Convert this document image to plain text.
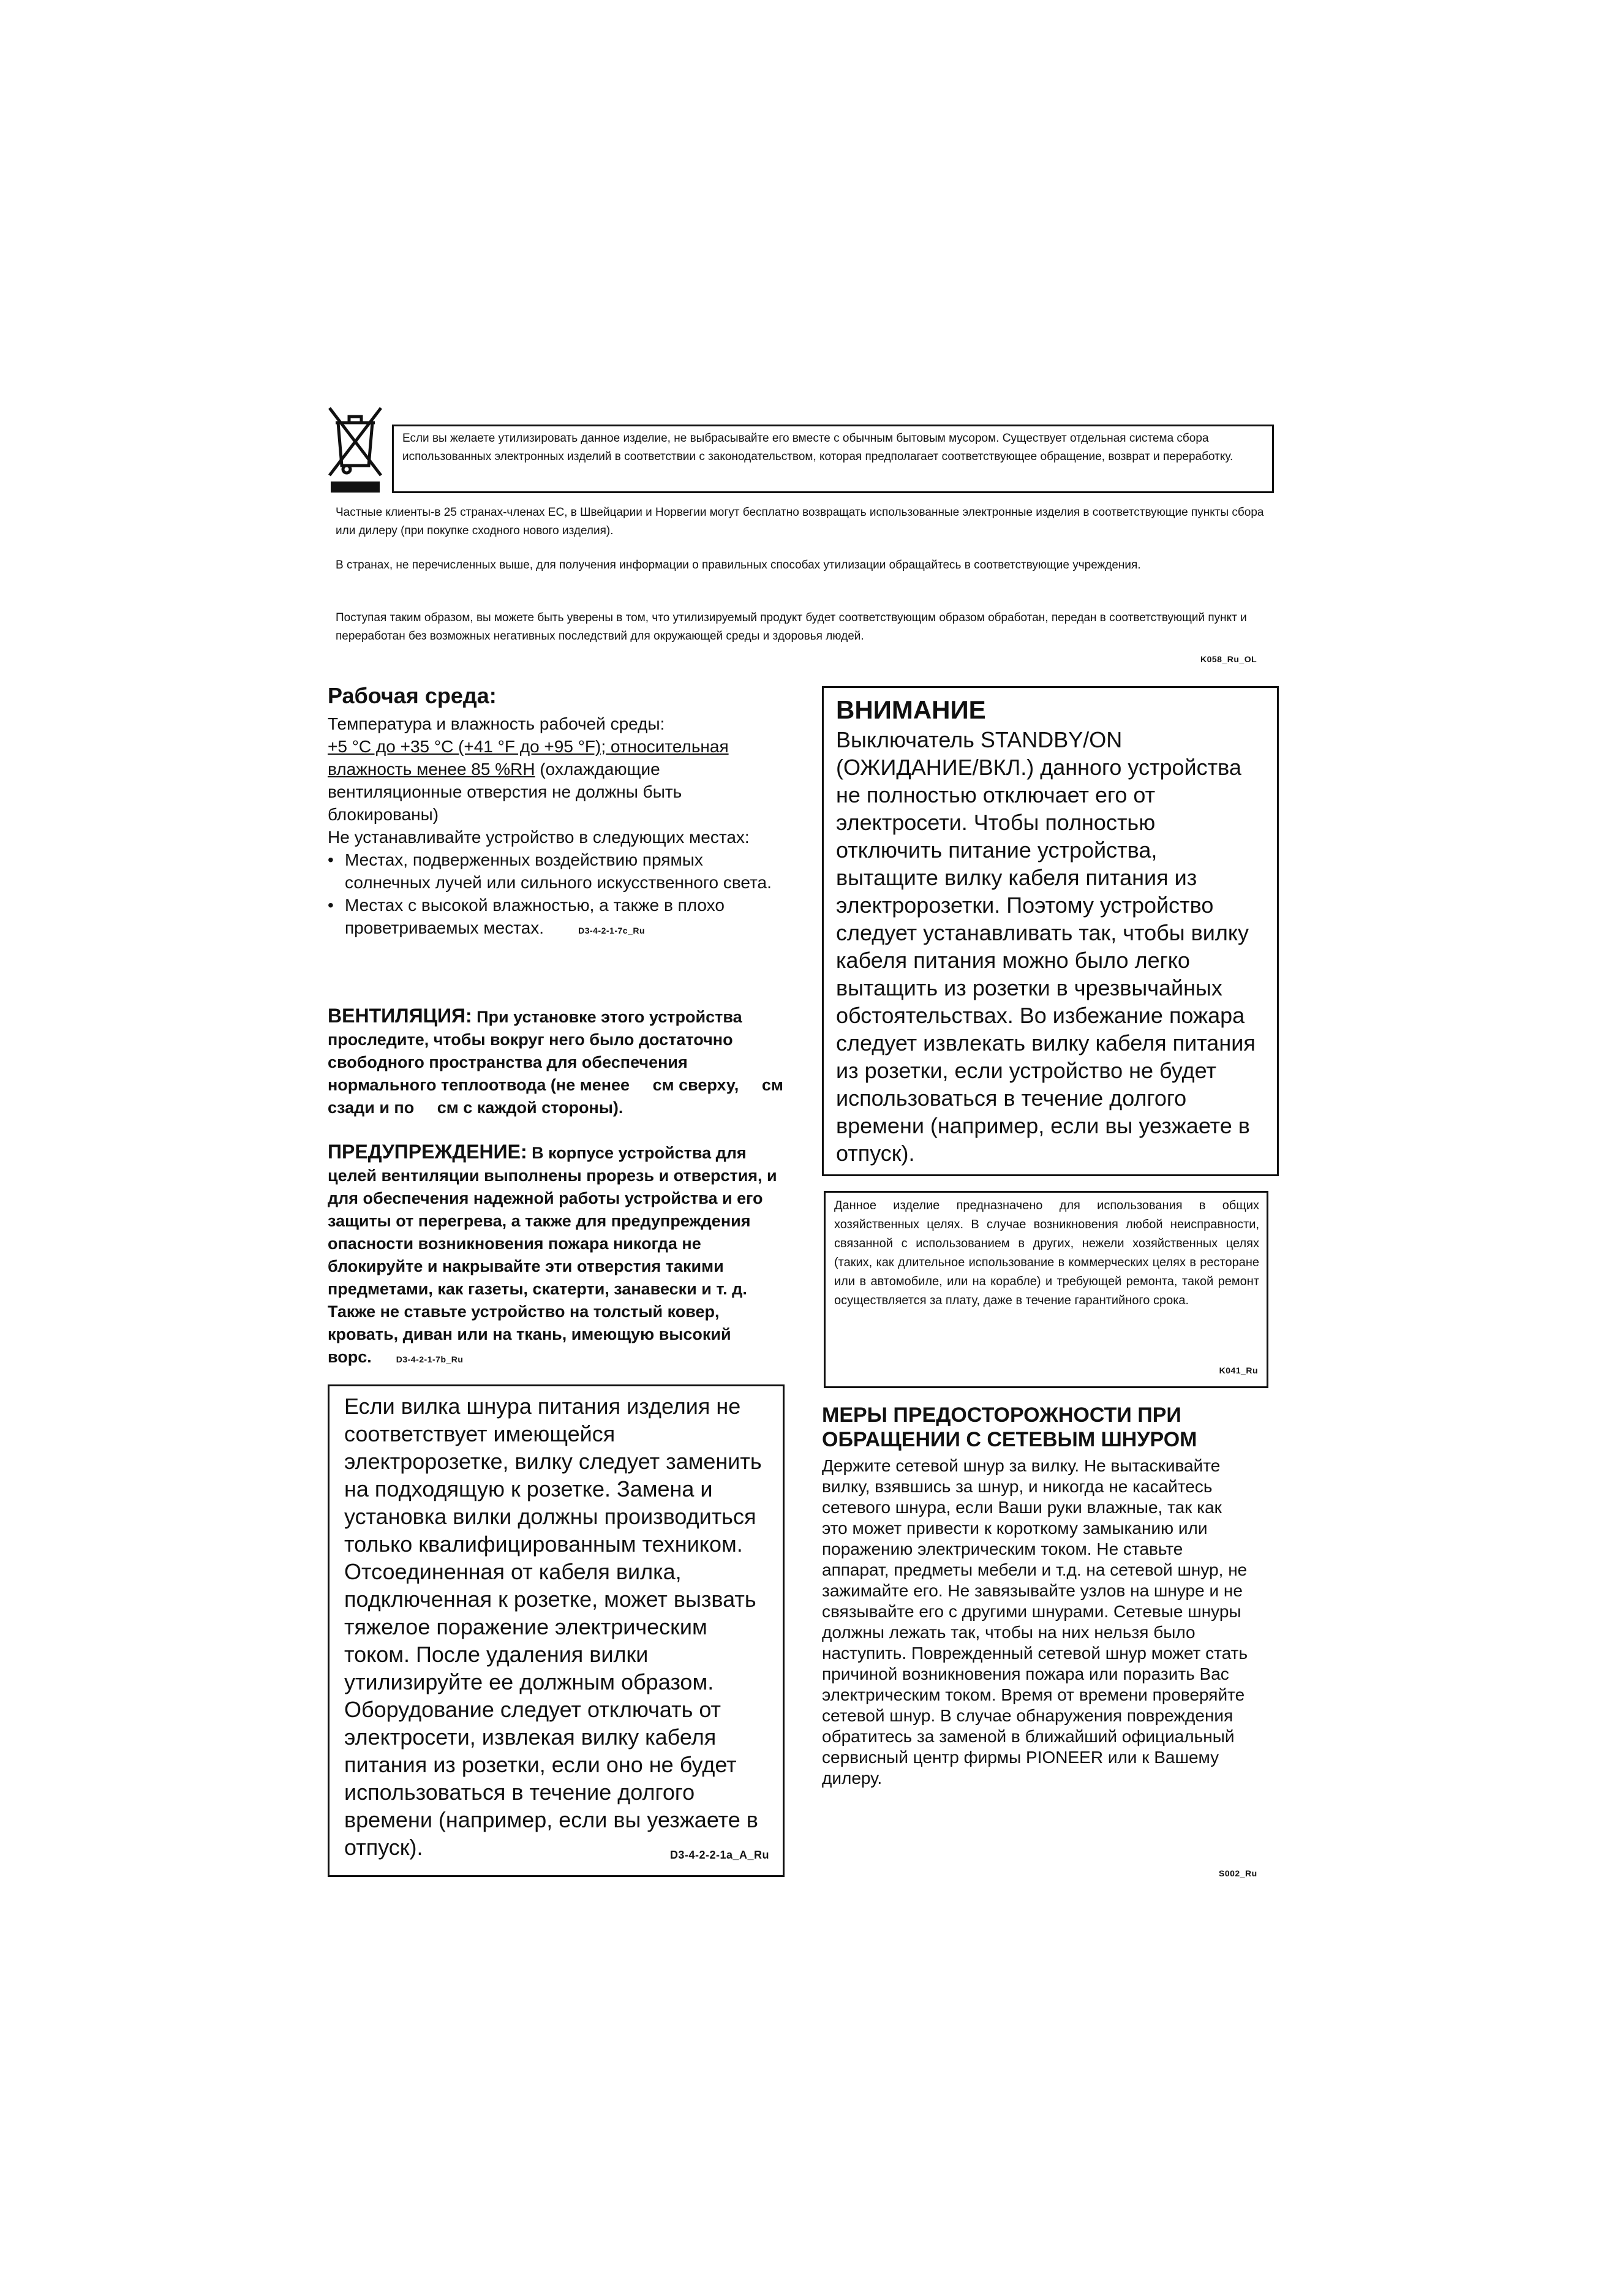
Если вы желаете утилизировать данное изделие, не выбрасывайте его вместе с обычным бытовым мусором. Существует отдельная система сбора использованных электронных изделий в соответствии с законодательством, которая предполагает соответствующее обращение, возврат и переработку.

Частные клиенты-в 25 странах-членах ЕС, в Швейцарии и Норвегии могут бесплатно возвращать использованные электронные изделия в соответствующие пункты сбора или дилеру (при покупке сходного нового изделия).

В странах, не перечисленных выше, для получения информации о правильных способах утилизации обращайтесь в соответствующие учреждения.

Поступая таким образом, вы можете быть уверены в том, что утилизируемый продукт будет соответствующим образом обработан, передан в соответствующий пункт и переработан без возможных негативных последствий для окружающей среды и здоровья людей.

K058_Ru_OL
Рабочая среда:
Температура и влажность рабочей среды:
+5 °C до +35 °C (+41 °F до +95 °F); относительная влажность менее 85 %RH (охлаждающие вентиляционные отверстия не должны быть блокированы)
Не устанавливайте устройство в следующих местах:
• Местах, подверженных воздействию прямых солнечных лучей или сильного искусственного света.
• Местах с высокой влажностью, а также в плохо проветриваемых местах.	D3-4-2-1-7c_Ru
ВЕНТИЛЯЦИЯ: При установке этого устройства проследите, чтобы вокруг него было достаточно свободного пространства для обеспечения нормального теплоотвода (не менее     см сверху,     см сзади и по     см с каждой стороны).
ПРЕДУПРЕЖДЕНИЕ: В корпусе устройства для целей вентиляции выполнены прорезь и отверстия, и для обеспечения надежной работы устройства и его защиты от перегрева, а также для предупреждения опасности возникновения пожара никогда не блокируйте и накрывайте эти отверстия такими предметами, как газеты, скатерти, занавески и т. д. Также не ставьте устройство на толстый ковер, кровать, диван или на ткань, имеющую высокий ворс.	D3-4-2-1-7b_Ru
Если вилка шнура питания изделия не соответствует имеющейся электророзетке, вилку следует заменить на подходящую к розетке. Замена и установка вилки должны производиться только квалифицированным техником. Отсоединенная от кабеля вилка, подключенная к розетке, может вызвать тяжелое поражение электрическим током. После удаления вилки утилизируйте ее должным образом. Оборудование следует отключать от электросети, извлекая вилку кабеля питания из розетки, если оно не будет использоваться в течение долгого времени (например, если вы уезжаете в отпуск).	D3-4-2-2-1a_A_Ru
ВНИМАНИЕ
Выключатель STANDBY/ON (ОЖИДАНИЕ/ВКЛ.) данного устройства не полностью отключает его от электросети. Чтобы полностью отключить питание устройства, вытащите вилку кабеля питания из электророзетки. Поэтому устройство следует устанавливать так, чтобы вилку кабеля питания можно было легко вытащить из розетки в чрезвычайных обстоятельствах. Во избежание пожара следует извлекать вилку кабеля питания из розетки, если устройство не будет использоваться в течение долгого времени (например, если вы уезжаете в отпуск).
Данное изделие предназначено для использования в общих хозяйственных целях. В случае возникновения любой неисправности, связанной с использованием в других, нежели хозяйственных целях (таких, как длительное использование в коммерческих целях в ресторане или в автомобиле, или на корабле) и требующей ремонта, такой ремонт осуществляется за плату, даже в течение гарантийного срока.
K041_Ru
МЕРЫ ПРЕДОСТОРОЖНОСТИ ПРИ ОБРАЩЕНИИ С СЕТЕВЫМ ШНУРОМ
Держите сетевой шнур за вилку. Не вытаскивайте вилку, взявшись за шнур, и никогда не касайтесь сетевого шнура, если Ваши руки влажные, так как это может привести к короткому замыканию или поражению электрическим током. Не ставьте аппарат, предметы мебели и т.д. на сетевой шнур, не зажимайте его. Не завязывайте узлов на шнуре и не связывайте его с другими шнурами. Сетевые шнуры должны лежать так, чтобы на них нельзя было наступить. Поврежденный сетевой шнур может стать причиной возникновения пожара или поразить Вас электрическим током. Время от времени проверяйте сетевой шнур. В случае обнаружения повреждения обратитесь за заменой в ближайший официальный сервисный центр фирмы PIONEER или к Вашему дилеру.
S002_Ru
